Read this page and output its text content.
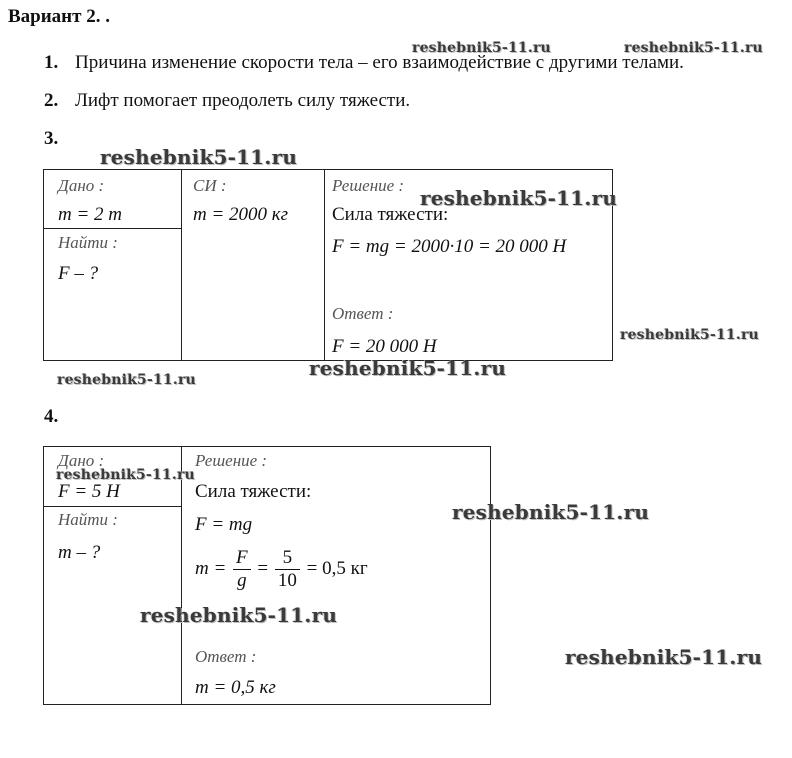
Вариант 2. .
1. Причина изменение скорости тела – его взаимодействие с другими телами.
2. Лифт помогает преодолеть силу тяжести.
3.
Дано :
m = 2 т
Найти :
F – ?
СИ :
m = 2000 кг
Решение :
Сила тяжести:
F = mg = 2000·10 = 20 000 Н
Ответ :
F = 20 000 Н
4.
Дано :
F = 5 Н
Найти :
m – ?
Решение :
Сила тяжести:
F = mg
$m = \frac{F}{g} = \frac{5}{10} = 0,5$ кг
Ответ :
m = 0,5 кг
reshebnik5-11.ru	reshebnik5-11.ru
reshebnik5-11.ru
reshebnik5-11.ru
reshebnik5-11.ru
reshebnik5-11.ru	reshebnik5-11.ru
reshebnik5-11.ru
reshebnik5-11.ru
reshebnik5-11.ru
reshebnik5-11.ru
